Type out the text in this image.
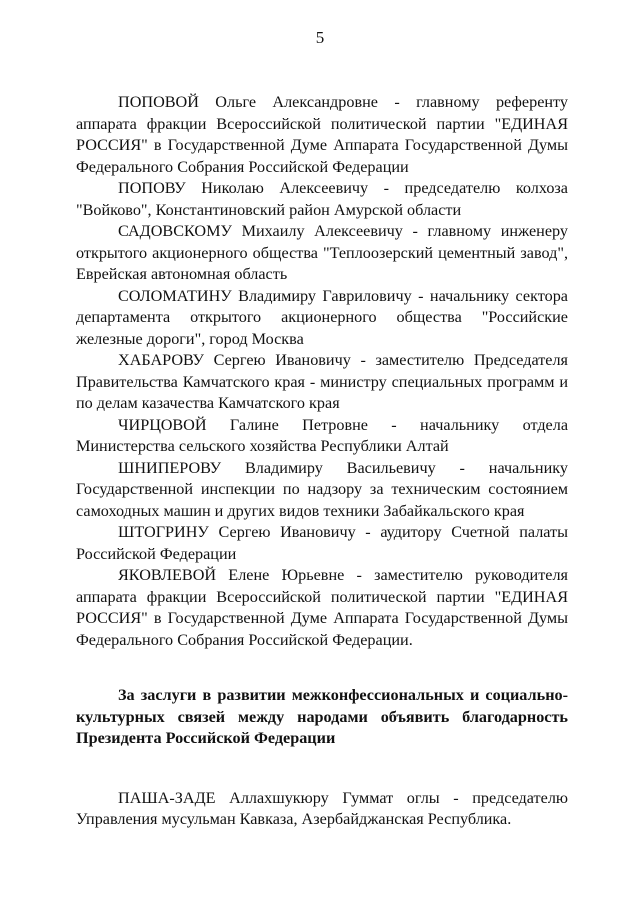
5

ПОПОВОЙ Ольге Александровне - главному референту аппарата фракции Всероссийской политической партии "ЕДИНАЯ РОССИЯ" в Государственной Думе Аппарата Государственной Думы Федерального Собрания Российской Федерации

ПОПОВУ Николаю Алексеевичу - председателю колхоза "Войково", Константиновский район Амурской области

САДОВСКОМУ Михаилу Алексеевичу - главному инженеру открытого акционерного общества "Теплоозерский цементный завод", Еврейская автономная область

СОЛОМАТИНУ Владимиру Гавриловичу - начальнику сектора департамента открытого акционерного общества "Российские железные дороги", город Москва

ХАБАРОВУ Сергею Ивановичу - заместителю Председателя Правительства Камчатского края - министру специальных программ и по делам казачества Камчатского края

ЧИРЦОВОЙ Галине Петровне - начальнику отдела Министерства сельского хозяйства Республики Алтай

ШНИПЕРОВУ Владимиру Васильевичу - начальнику Государственной инспекции по надзору за техническим состоянием самоходных машин и других видов техники Забайкальского края

ШТОГРИНУ Сергею Ивановичу - аудитору Счетной палаты Российской Федерации

ЯКОВЛЕВОЙ Елене Юрьевне - заместителю руководителя аппарата фракции Всероссийской политической партии "ЕДИНАЯ РОССИЯ" в Государственной Думе Аппарата Государственной Думы Федерального Собрания Российской Федерации.

За заслуги в развитии межконфессиональных и социально-культурных связей между народами объявить благодарность Президента Российской Федерации

ПАША-ЗАДЕ Аллахшукюру Гуммат оглы - председателю Управления мусульман Кавказа, Азербайджанская Республика.
